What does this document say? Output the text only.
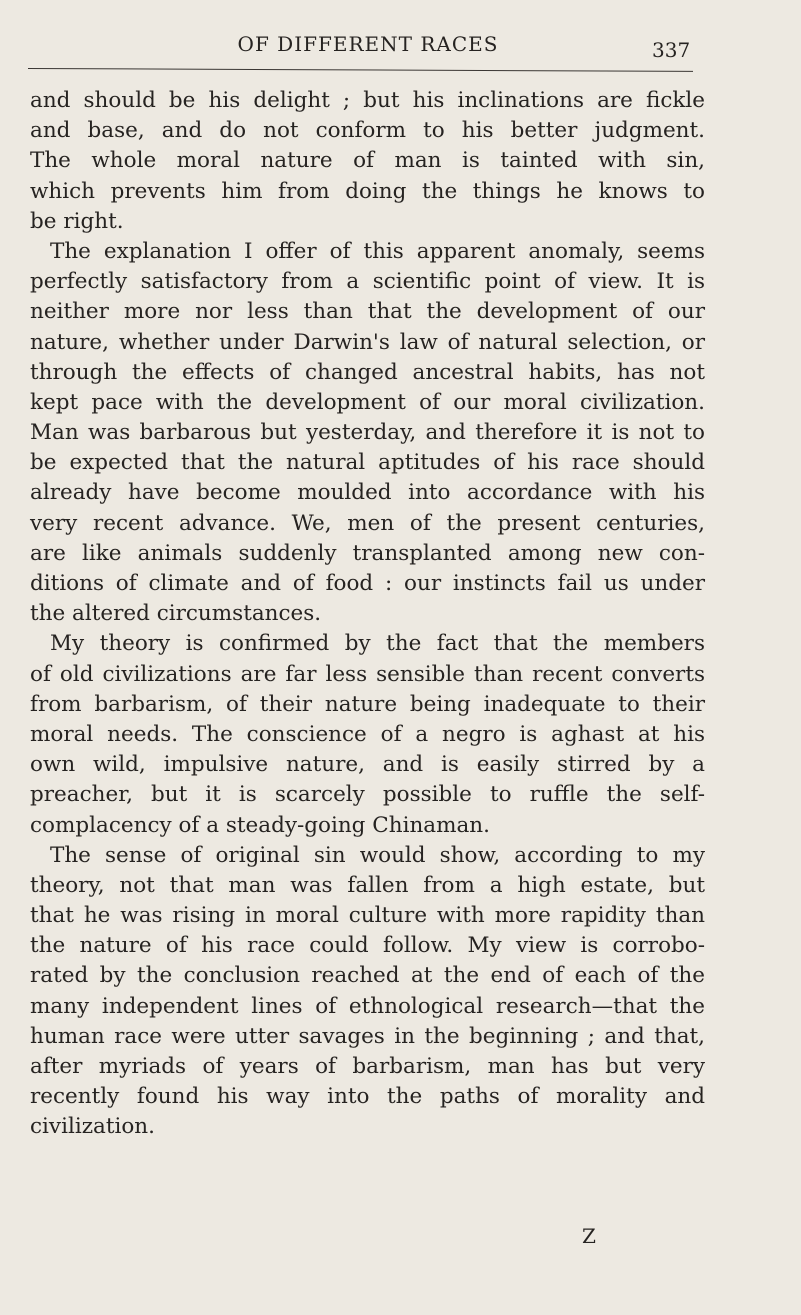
OF DIFFERENT RACES	337
and should be his delight ; but his inclinations are fickle
and base, and do not conform to his better judgment.
The whole moral nature of man is tainted with sin,
which prevents him from doing the things he knows to
be right.
The explanation I offer of this apparent anomaly, seems
perfectly satisfactory from a scientific point of view. It is
neither more nor less than that the development of our
nature, whether under Darwin's law of natural selection, or
through the effects of changed ancestral habits, has not
kept pace with the development of our moral civilization.
Man was barbarous but yesterday, and therefore it is not to
be expected that the natural aptitudes of his race should
already have become moulded into accordance with his
very recent advance. We, men of the present centuries,
are like animals suddenly transplanted among new con-
ditions of climate and of food : our instincts fail us under
the altered circumstances.
My theory is confirmed by the fact that the members
of old civilizations are far less sensible than recent converts
from barbarism, of their nature being inadequate to their
moral needs. The conscience of a negro is aghast at his
own wild, impulsive nature, and is easily stirred by a
preacher, but it is scarcely possible to ruffle the self-
complacency of a steady-going Chinaman.
The sense of original sin would show, according to my
theory, not that man was fallen from a high estate, but
that he was rising in moral culture with more rapidity than
the nature of his race could follow. My view is corrobo-
rated by the conclusion reached at the end of each of the
many independent lines of ethnological research—that the
human race were utter savages in the beginning ; and that,
after myriads of years of barbarism, man has but very
recently found his way into the paths of morality and
civilization.
Z
